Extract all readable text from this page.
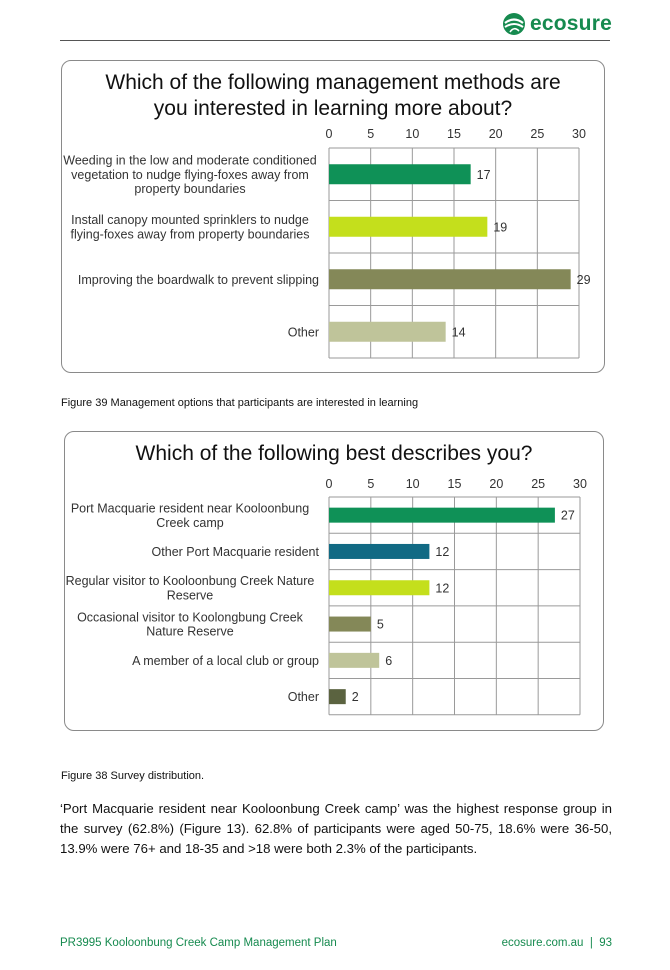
ecosure
Which of the following management methods are
you interested in learning more about?
0	5 10 15 20 25 30
17
Weeding in the low and moderate conditioned vegetation to nudge flying-foxes away from property boundaries
19
Install canopy mounted sprinklers to nudge flying-foxes away from property boundaries
29
Improving the boardwalk to prevent slipping
14
Other
Figure 39 Management options that participants are interested in learning
Which of the following best describes you?
0	5	10 15 20 25 30
27
Port Macquarie resident near Kooloonbung Creek camp
12
Other Port Macquarie resident
12
Regular visitor to Kooloonbung Creek Nature Reserve
5
Occasional visitor to Koolongbung Creek Nature Reserve
6
A member of a local club or group
2
Other
Figure 38 Survey distribution.
‘Port Macquarie resident near Kooloonbung Creek camp’ was the highest response group in the survey (62.8%) (Figure 13). 62.8% of participants were aged 50-75, 18.6% were 36-50, 13.9% were 76+ and 18-35 and >18 were both 2.3% of the participants.
PR3995 Kooloonbung Creek Camp Management Plan	ecosure.com.au  |  93
